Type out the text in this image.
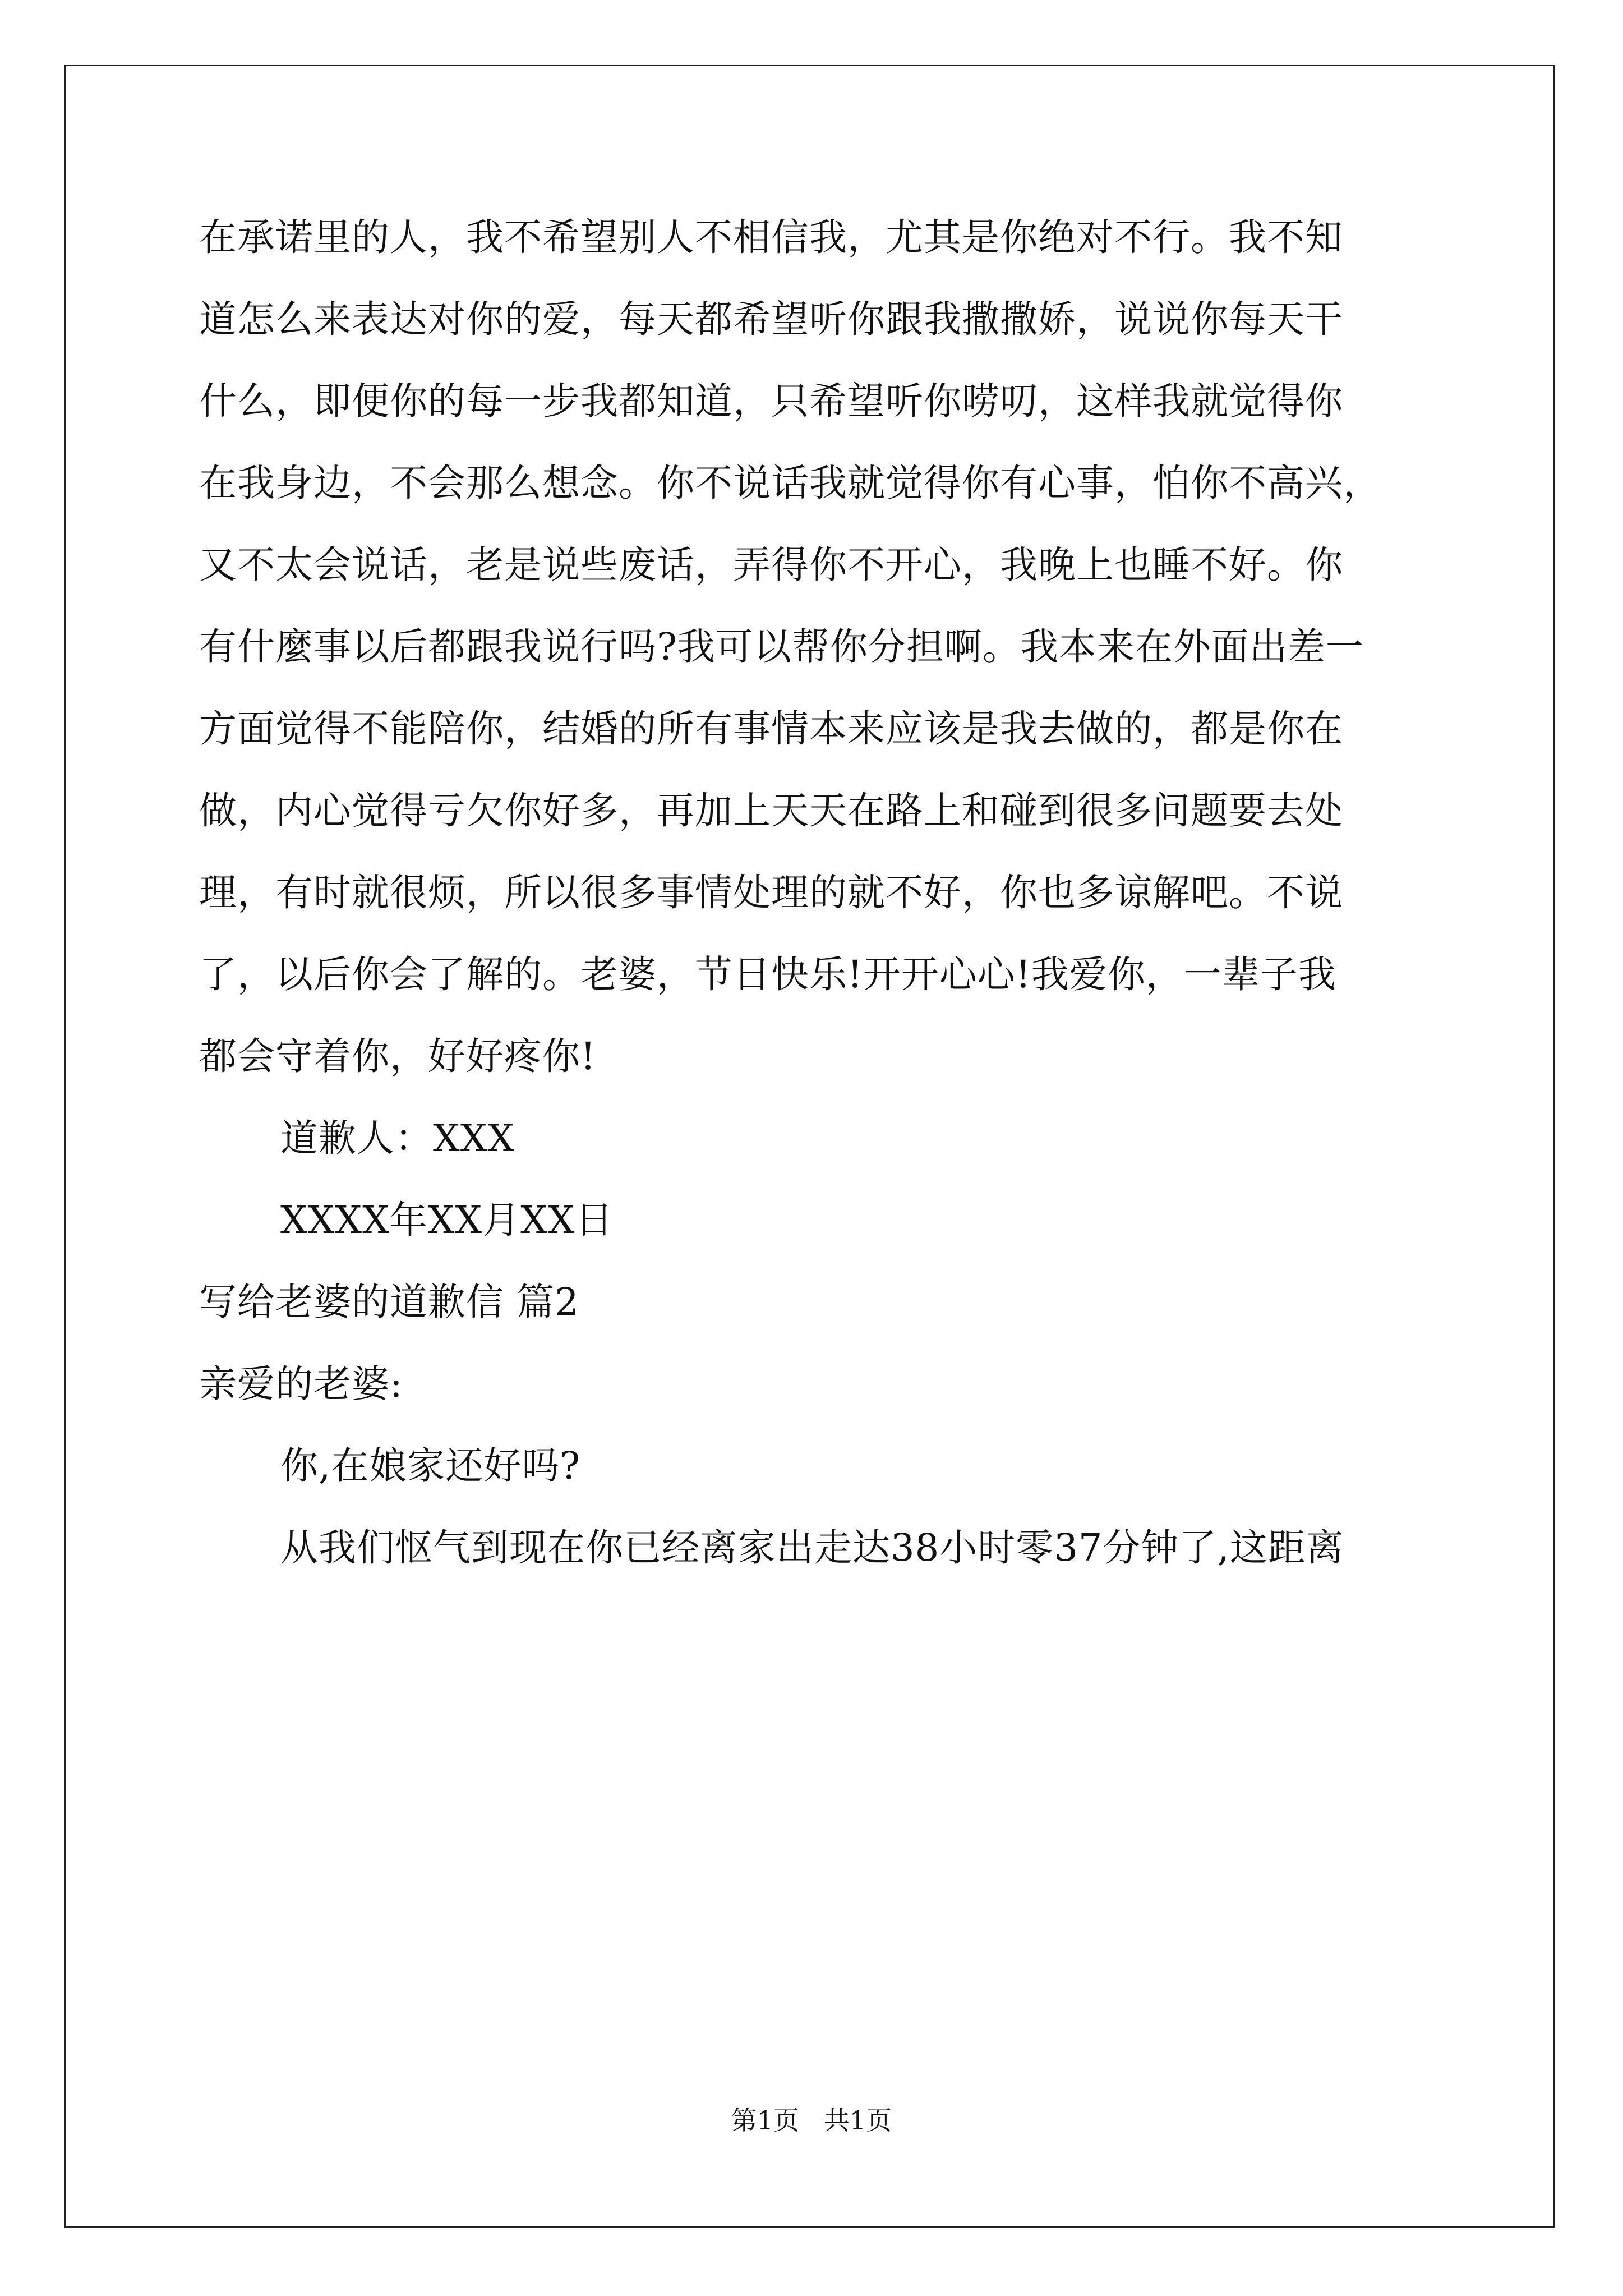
在承诺里的人，我不希望别人不相信我，尤其是你绝对不行。我不知
道怎么来表达对你的爱，每天都希望听你跟我撒撒娇，说说你每天干
什么，即便你的每一步我都知道，只希望听你唠叨，这样我就觉得你
在我身边，不会那么想念。你不说话我就觉得你有心事，怕你不高兴，
又不太会说话，老是说些废话，弄得你不开心，我晚上也睡不好。你
有什麼事以后都跟我说行吗?我可以帮你分担啊。我本来在外面出差一
方面觉得不能陪你，结婚的所有事情本来应该是我去做的，都是你在
做，内心觉得亏欠你好多，再加上天天在路上和碰到很多问题要去处
理，有时就很烦，所以很多事情处理的就不好，你也多谅解吧。不说
了，以后你会了解的。老婆，节日快乐!开开心心!我爱你，一辈子我
都会守着你，好好疼你!
道歉人：XXX
XXXX年XX月XX日
写给老婆的道歉信 篇2
亲爱的老婆:
你,在娘家还好吗?
从我们怄气到现在你已经离家出走达38小时零37分钟了,这距离
第1页   共1页
